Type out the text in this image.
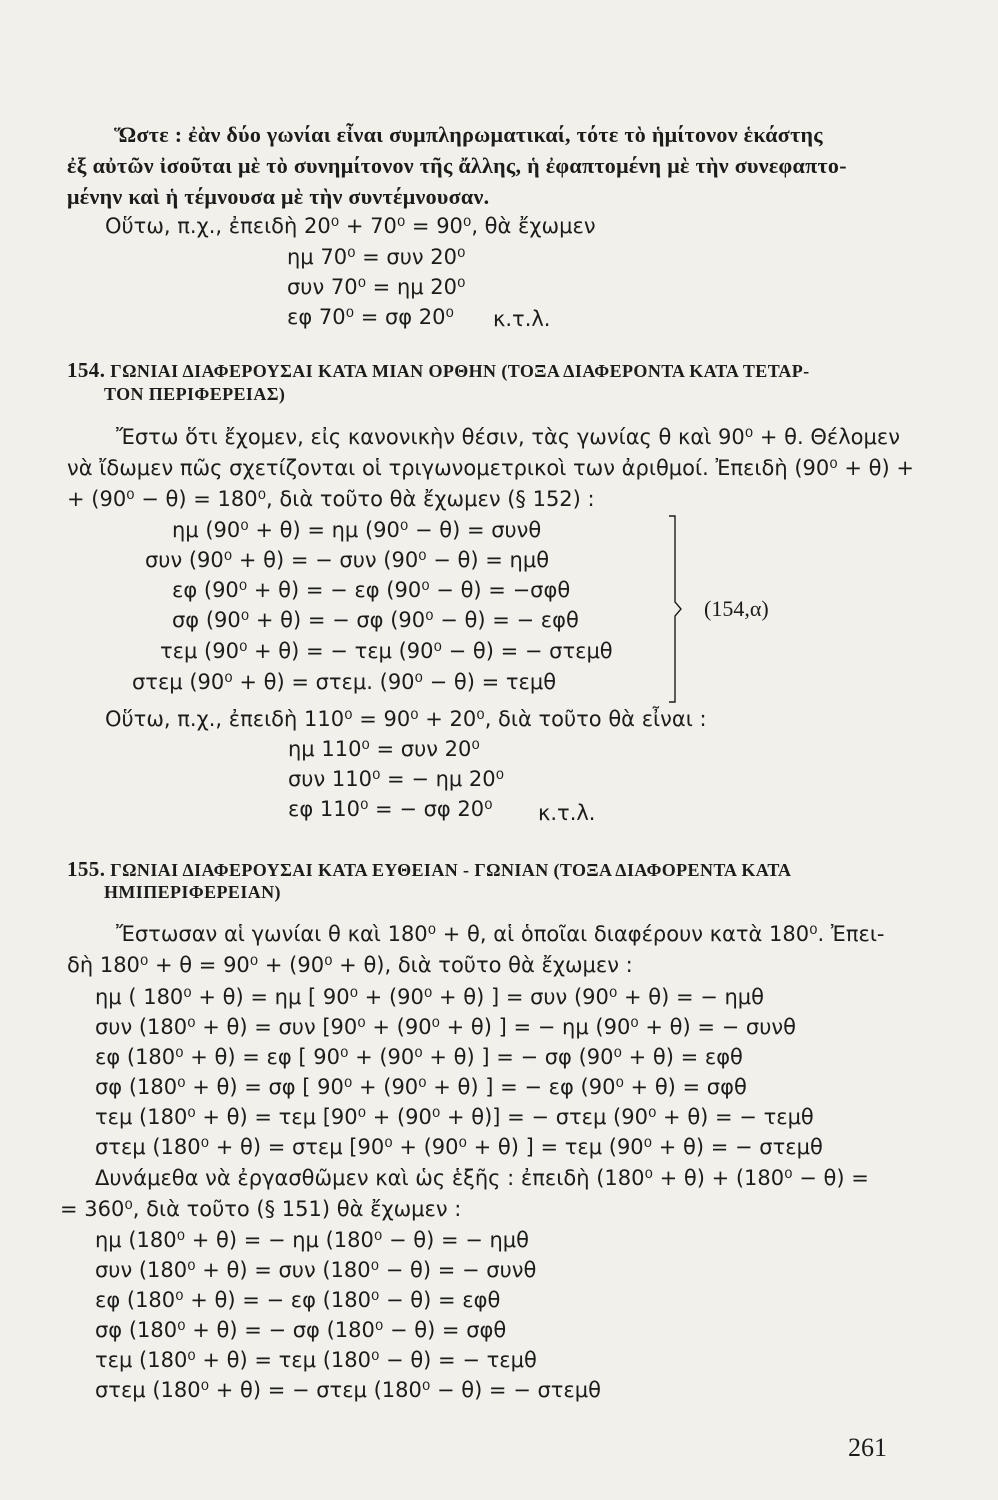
Ὥστε : ἐὰν δύο γωνίαι εἶναι συμπληρωματικαί, τότε τὸ ἡμίτονον ἑκάστης
ἐξ αὐτῶν ἰσοῦται μὲ τὸ συνημίτονον τῆς ἄλλης, ἡ ἐφαπτομένη μὲ τὴν συνεφαπτο-
μένην καὶ ἡ τέμνουσα μὲ τὴν συντέμνουσαν.
Οὕτω, π.χ., ἐπειδὴ 20⁰ + 70⁰ = 90⁰, θὰ ἔχωμεν
ημ 70⁰ = συν 20⁰
συν 70⁰ = ημ 20⁰
εφ 70⁰ = σφ 20⁰ κ.τ.λ.
154. ΓΩΝΙΑΙ ΔΙΑΦΕΡΟΥΣΑΙ ΚΑΤΑ ΜΙΑΝ ΟΡΘΗΝ (ΤΟΞΑ ΔΙΑΦΕΡΟΝΤΑ ΚΑΤΑ ΤΕΤΑΡ-
ΤΟΝ ΠΕΡΙΦΕΡΕΙΑΣ)
Ἔστω ὅτι ἔχομεν, εἰς κανονικὴν θέσιν, τὰς γωνίας θ καὶ 90⁰ + θ. Θέλομεν
νὰ ἴδωμεν πῶς σχετίζονται οἱ τριγωνομετρικοὶ των ἀριθμοί. Ἐπειδὴ (90⁰ + θ) +
+ (90⁰ − θ) = 180⁰, διὰ τοῦτο θὰ ἔχωμεν (§ 152) :
ημ (90⁰ + θ) = ημ (90⁰ − θ) = συνθ
συν (90⁰ + θ) = − συν (90⁰ − θ) = ημθ
εφ (90⁰ + θ) = − εφ (90⁰ − θ) = −σφθ
σφ (90⁰ + θ) = − σφ (90⁰ − θ) = − εφθ
τεμ (90⁰ + θ) = − τεμ (90⁰ − θ) = − στεμθ
στεμ (90⁰ + θ) = στεμ. (90⁰ − θ) = τεμθ
(154,α)
Οὕτω, π.χ., ἐπειδὴ 110⁰ = 90⁰ + 20⁰, διὰ τοῦτο θὰ εἶναι :
ημ 110⁰ = συν 20⁰
συν 110⁰ = − ημ 20⁰
εφ 110⁰ = − σφ 20⁰ κ.τ.λ.
155. ΓΩΝΙΑΙ ΔΙΑΦΕΡΟΥΣΑΙ ΚΑΤΑ ΕΥΘΕΙΑΝ - ΓΩΝΙΑΝ (ΤΟΞΑ ΔΙΑΦΟΡΕΝΤΑ ΚΑΤΑ
ΗΜΙΠΕΡΙΦΕΡΕΙΑΝ)
Ἔστωσαν αἱ γωνίαι θ καὶ 180⁰ + θ, αἱ ὁποῖαι διαφέρουν κατὰ 180⁰. Ἐπει-
δὴ 180⁰ + θ = 90⁰ + (90⁰ + θ), διὰ τοῦτο θὰ ἔχωμεν :
ημ ( 180⁰ + θ) = ημ [ 90⁰ + (90⁰ + θ) ] = συν (90⁰ + θ) = − ημθ
συν (180⁰ + θ) = συν [90⁰ + (90⁰ + θ) ] = − ημ (90⁰ + θ) = − συνθ
εφ (180⁰ + θ) = εφ [ 90⁰ + (90⁰ + θ) ] = − σφ (90⁰ + θ) = εφθ
σφ (180⁰ + θ) = σφ [ 90⁰ + (90⁰ + θ) ] = − εφ (90⁰ + θ) = σφθ
τεμ (180⁰ + θ) = τεμ [90⁰ + (90⁰ + θ)] = − στεμ (90⁰ + θ) = − τεμθ
στεμ (180⁰ + θ) = στεμ [90⁰ + (90⁰ + θ) ] = τεμ (90⁰ + θ) = − στεμθ
Δυνάμεθα νὰ ἐργασθῶμεν καὶ ὡς ἑξῆς : ἐπειδὴ (180⁰ + θ) + (180⁰ − θ) =
= 360⁰, διὰ τοῦτο (§ 151) θὰ ἔχωμεν :
ημ (180⁰ + θ) = − ημ (180⁰ − θ) = − ημθ
συν (180⁰ + θ) = συν (180⁰ − θ) = − συνθ
εφ (180⁰ + θ) = − εφ (180⁰ − θ) = εφθ
σφ (180⁰ + θ) = − σφ (180⁰ − θ) = σφθ
τεμ (180⁰ + θ) = τεμ (180⁰ − θ) = − τεμθ
στεμ (180⁰ + θ) = − στεμ (180⁰ − θ) = − στεμθ
261
